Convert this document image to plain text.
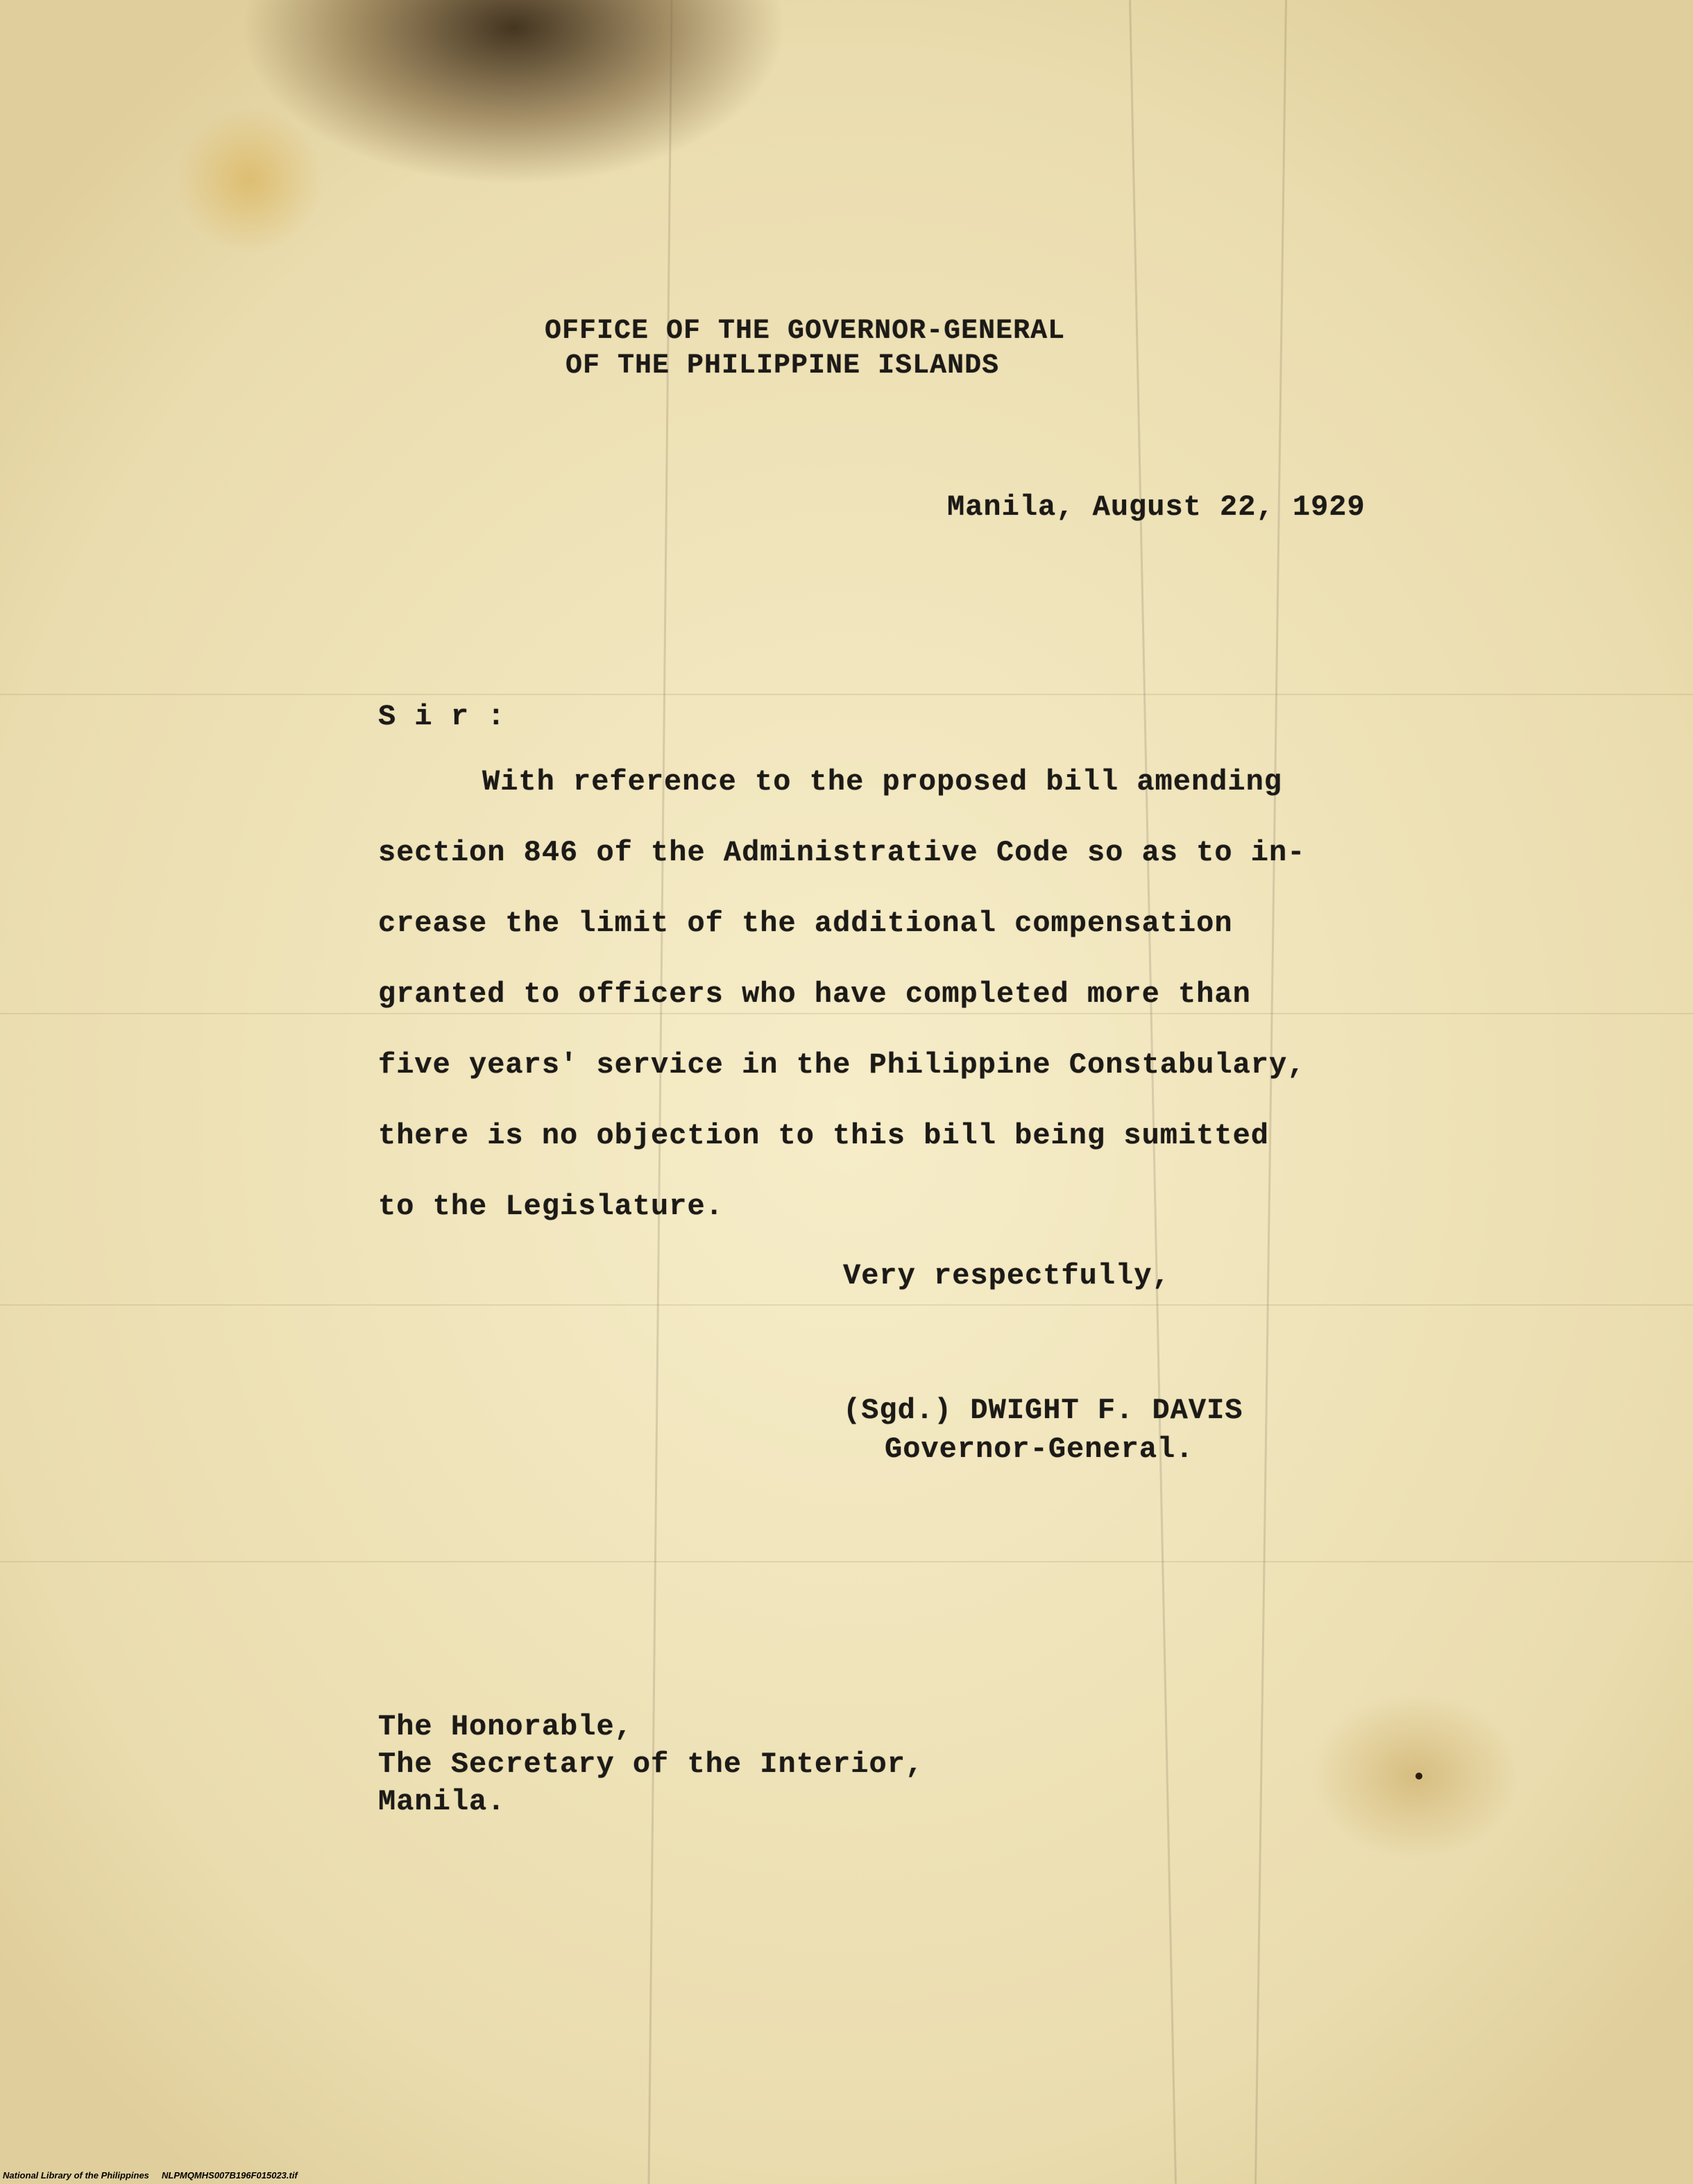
OFFICE OF THE GOVERNOR-GENERAL
OF THE PHILIPPINE ISLANDS
Manila, August 22, 1929
S i r :
With reference to the proposed bill amending
section 846 of the Administrative Code so as to in-
crease the limit of the additional compensation
granted to officers who have completed more than
five years' service in the Philippine Constabulary,
there is no objection to this bill being sumitted
to the Legislature.
Very respectfully,
(Sgd.) DWIGHT F. DAVIS
Governor-General.
The Honorable,
The Secretary of the Interior,
Manila.
National Library of the Philippines NLPMQMHS007B196F015023.tif
